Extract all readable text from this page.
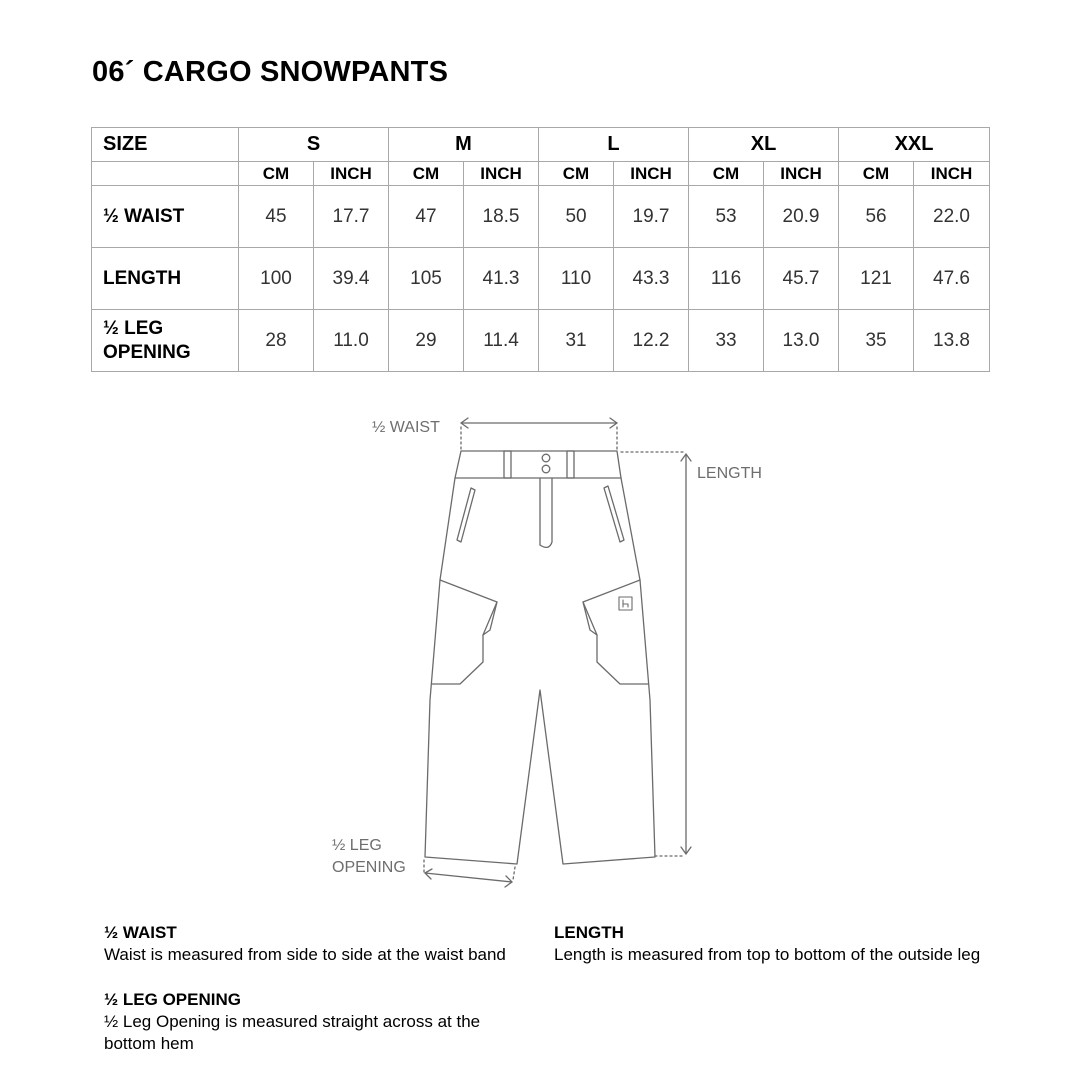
06´ CARGO SNOWPANTS
SIZE	S		M		L		XL		XXL	
	CM	INCH	CM	INCH	CM	INCH	CM	INCH	CM	INCH
½ WAIST	45	17.7	47	18.5	50	19.7	53	20.9	56	22.0
LENGTH	100	39.4	105	41.3	110	43.3	116	45.7	121	47.6
½ LEG OPENING	28	11.0	29	11.4	31	12.2	33	13.0	35	13.8
½ WAIST
LENGTH
½ LEG
OPENING
½ WAIST
Waist is measured from side to side at the waist band
LENGTH
Length is measured from top to bottom of the outside leg
½ LEG OPENING
½ Leg Opening is measured straight across at the bottom hem
